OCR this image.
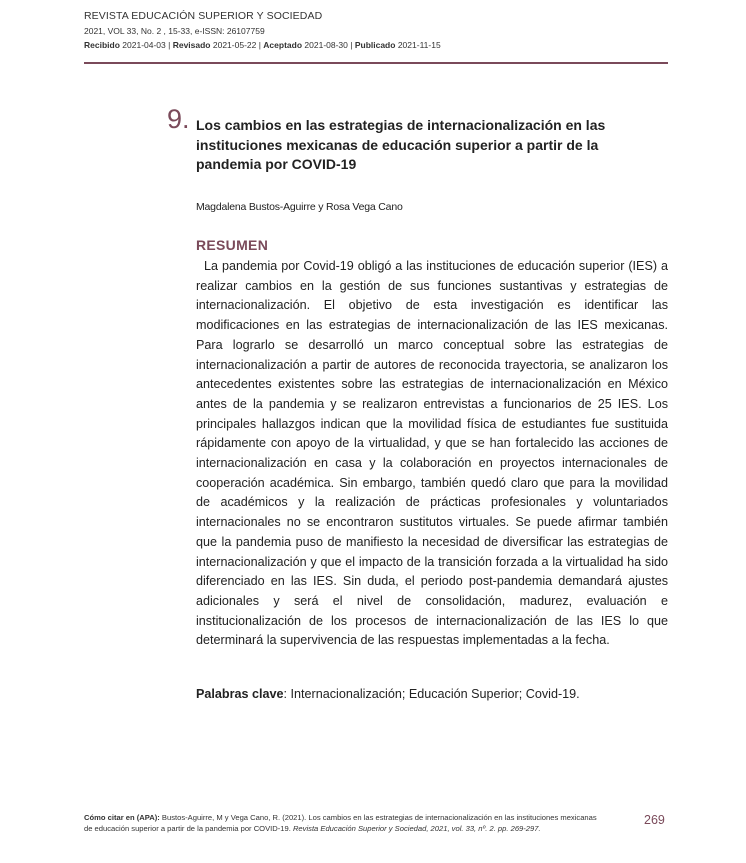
REVISTA EDUCACIÓN SUPERIOR Y SOCIEDAD
2021, VOL 33, No. 2 , 15-33, e-ISSN: 26107759
Recibido 2021-04-03 | Revisado 2021-05-22 | Aceptado 2021-08-30 | Publicado 2021-11-15
9. Los cambios en las estrategias de internacionalización en las instituciones mexicanas de educación superior a partir de la pandemia por COVID-19
Magdalena Bustos-Aguirre y Rosa Vega Cano
RESUMEN

La pandemia por Covid-19 obligó a las instituciones de educación superior (IES) a realizar cambios en la gestión de sus funciones sustantivas y estrategias de internacionalización. El objetivo de esta investigación es identificar las modificaciones en las estrategias de internacionalización de las IES mexicanas. Para lograrlo se desarrolló un marco conceptual sobre las estrategias de internacionalización a partir de autores de reconocida trayectoria, se analizaron los antecedentes existentes sobre las estrategias de internacionalización en México antes de la pandemia y se realizaron entrevistas a funcionarios de 25 IES. Los principales hallazgos indican que la movilidad física de estudiantes fue sustituida rápidamente con apoyo de la virtualidad, y que se han fortalecido las acciones de internacionalización en casa y la colaboración en proyectos internacionales de cooperación académica. Sin embargo, también quedó claro que para la movilidad de académicos y la realización de prácticas profesionales y voluntariados internacionales no se encontraron sustitutos virtuales. Se puede afirmar también que la pandemia puso de manifiesto la necesidad de diversificar las estrategias de internacionalización y que el impacto de la transición forzada a la virtualidad ha sido diferenciado en las IES. Sin duda, el periodo post-pandemia demandará ajustes adicionales y será el nivel de consolidación, madurez, evaluación e institucionalización de los procesos de internacionalización de las IES lo que determinará la supervivencia de las respuestas implementadas a la fecha.

Palabras clave: Internacionalización; Educación Superior; Covid-19.
Cómo citar en (APA): Bustos-Aguirre, M y Vega Cano, R. (2021). Los cambios en las estrategias de internacionalización en las instituciones mexicanas de educación superior a partir de la pandemia por COVID-19. Revista Educación Superior y Sociedad, 2021, vol. 33, nº. 2. pp. 269-297.
269
